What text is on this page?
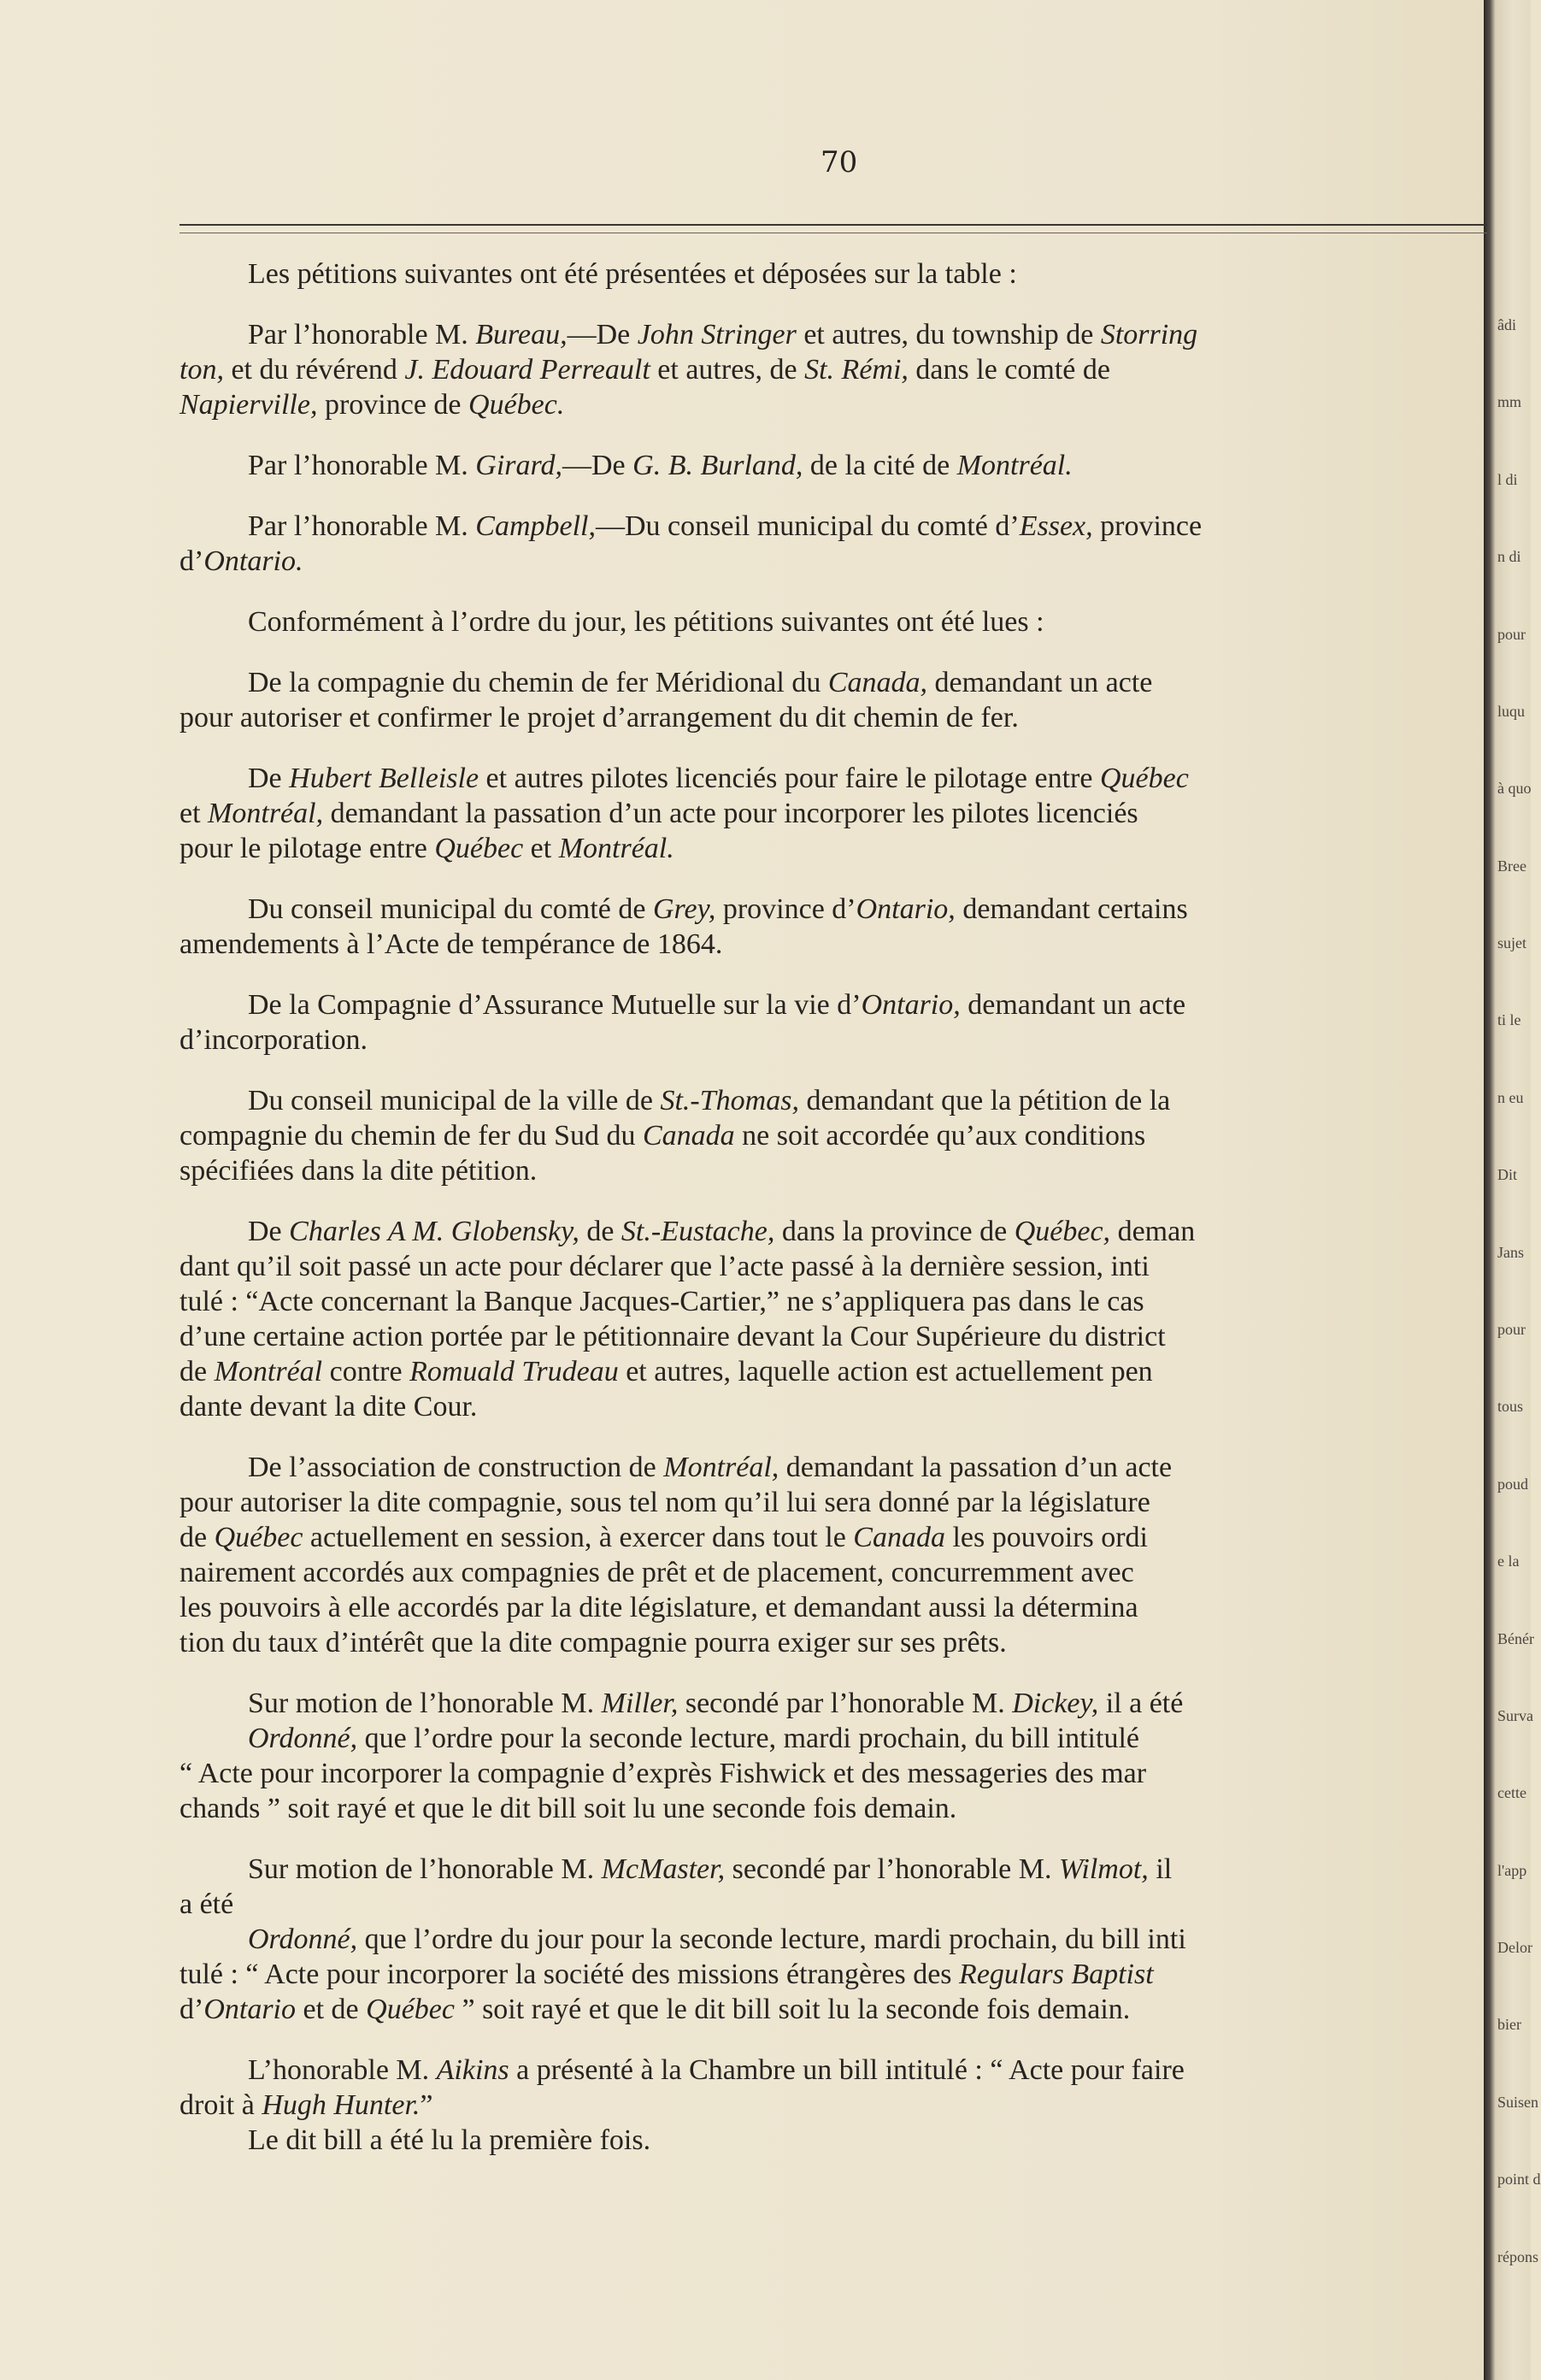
70
Les pétitions suivantes ont été présentées et déposées sur la table :
Par l’honorable M. Bureau,—De John Stringer et autres, du township de Storring
ton, et du révérend J. Edouard Perreault et autres, de St. Rémi, dans le comté de
Napierville, province de Québec.
Par l’honorable M. Girard,—De G. B. Burland, de la cité de Montréal.
Par l’honorable M. Campbell,—Du conseil municipal du comté d’Essex, province
d’Ontario.
Conformément à l’ordre du jour, les pétitions suivantes ont été lues :
De la compagnie du chemin de fer Méridional du Canada, demandant un acte
pour autoriser et confirmer le projet d’arrangement du dit chemin de fer.
De Hubert Belleisle et autres pilotes licenciés pour faire le pilotage entre Québec
et Montréal, demandant la passation d’un acte pour incorporer les pilotes licenciés
pour le pilotage entre Québec et Montréal.
Du conseil municipal du comté de Grey, province d’Ontario, demandant certains
amendements à l’Acte de tempérance de 1864.
De la Compagnie d’Assurance Mutuelle sur la vie d’Ontario, demandant un acte
d’incorporation.
Du conseil municipal de la ville de St.-Thomas, demandant que la pétition de la
compagnie du chemin de fer du Sud du Canada ne soit accordée qu’aux conditions
spécifiées dans la dite pétition.
De Charles A M. Globensky, de St.-Eustache, dans la province de Québec, deman
dant qu’il soit passé un acte pour déclarer que l’acte passé à la dernière session, inti
tulé : “Acte concernant la Banque Jacques-Cartier,” ne s’appliquera pas dans le cas
d’une certaine action portée par le pétitionnaire devant la Cour Supérieure du district
de Montréal contre Romuald Trudeau et autres, laquelle action est actuellement pen
dante devant la dite Cour.
De l’association de construction de Montréal, demandant la passation d’un acte
pour autoriser la dite compagnie, sous tel nom qu’il lui sera donné par la législature
de Québec actuellement en session, à exercer dans tout le Canada les pouvoirs ordi
nairement accordés aux compagnies de prêt et de placement, concurremment avec
les pouvoirs à elle accordés par la dite législature, et demandant aussi la détermina
tion du taux d’intérêt que la dite compagnie pourra exiger sur ses prêts.
Sur motion de l’honorable M. Miller, secondé par l’honorable M. Dickey, il a été
Ordonné, que l’ordre pour la seconde lecture, mardi prochain, du bill intitulé
“ Acte pour incorporer la compagnie d’exprès Fishwick et des messageries des mar
chands ” soit rayé et que le dit bill soit lu une seconde fois demain.
Sur motion de l’honorable M. McMaster, secondé par l’honorable M. Wilmot, il
a été
Ordonné, que l’ordre du jour pour la seconde lecture, mardi prochain, du bill inti
tulé : “ Acte pour incorporer la société des missions étrangères des Regulars Baptist
d’Ontario et de Québec ” soit rayé et que le dit bill soit lu la seconde fois demain.
L’honorable M. Aikins a présenté à la Chambre un bill intitulé : “ Acte pour faire
droit à Hugh Hunter.”
Le dit bill a été lu la première fois.

âdi
mm
l di
n di
pour
luqu
à quo
Bree
sujet
ti le
n eu
Dit
Jans
pour
tous
poud
e la
Bénér
Surva
cette
l'app
Delor
bier
Suisen
point d
répons
